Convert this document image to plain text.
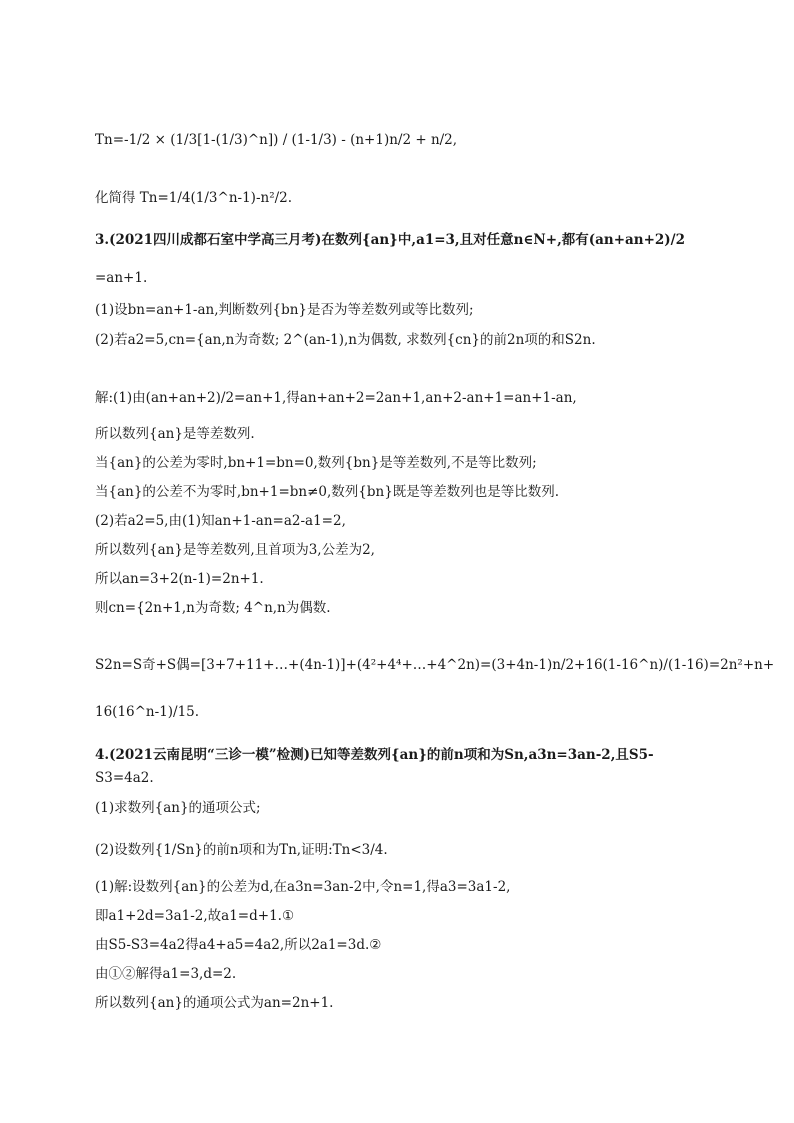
Tn=-1/2 × (1/3[1-(1/3)^n]) / (1-1/3) - (n+1)n/2 + n/2,
化简得 Tn=1/4(1/3^n-1)-n²/2.
3.(2021四川成都石室中学高三月考)在数列{an}中,a1=3,且对任意n∈N+,都有(an+an+2)/2
=an+1.
(1)设bn=an+1-an,判断数列{bn}是否为等差数列或等比数列;
(2)若a2=5,cn={an,n为奇数; 2^(an-1),n为偶数, 求数列{cn}的前2n项的和S2n.
解:(1)由(an+an+2)/2=an+1,得an+an+2=2an+1,an+2-an+1=an+1-an,
所以数列{an}是等差数列.
当{an}的公差为零时,bn+1=bn=0,数列{bn}是等差数列,不是等比数列;
当{an}的公差不为零时,bn+1=bn≠0,数列{bn}既是等差数列也是等比数列.
(2)若a2=5,由(1)知an+1-an=a2-a1=2,
所以数列{an}是等差数列,且首项为3,公差为2,
所以an=3+2(n-1)=2n+1.
则cn={2n+1,n为奇数; 4^n,n为偶数.
S2n=S奇+S偶=[3+7+11+…+(4n-1)]+(4²+4⁴+…+4^2n)=(3+4n-1)n/2+16(1-16^n)/(1-16)=2n²+n+
16(16^n-1)/15.
4.(2021云南昆明“三诊一模”检测)已知等差数列{an}的前n项和为Sn,a3n=3an-2,且S5-
S3=4a2.
(1)求数列{an}的通项公式;
(2)设数列{1/Sn}的前n项和为Tn,证明:Tn<3/4.
(1)解:设数列{an}的公差为d,在a3n=3an-2中,令n=1,得a3=3a1-2,
即a1+2d=3a1-2,故a1=d+1.①
由S5-S3=4a2得a4+a5=4a2,所以2a1=3d.②
由①②解得a1=3,d=2.
所以数列{an}的通项公式为an=2n+1.
